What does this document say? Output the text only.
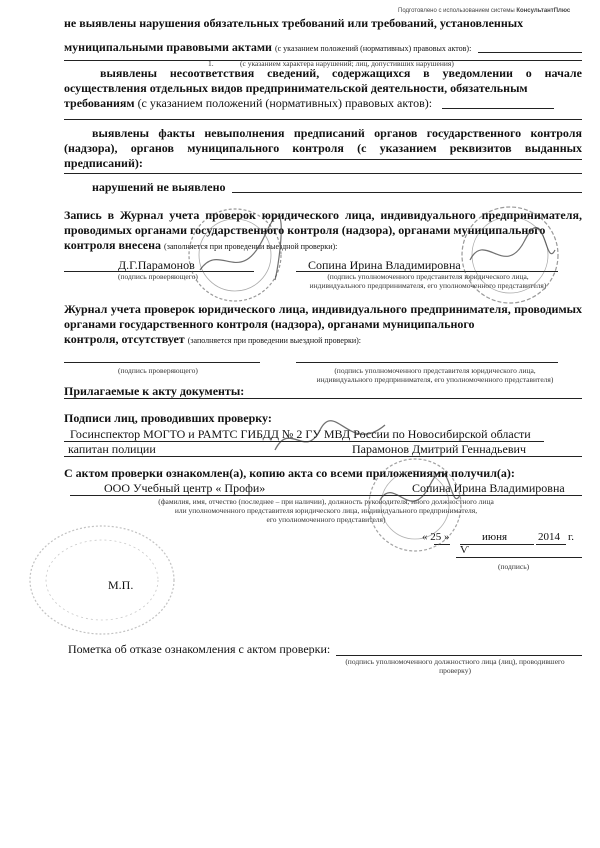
Подготовлено с использованием системы КонсультантПлюс
не выявлены нарушения обязательных требований или требований, установленных
муниципальными правовыми актами (с указанием положений (нормативных) правовых актов):
1.	(с указанием характера нарушений; лиц, допустивших нарушения)
выявлены несоответствия сведений, содержащихся в уведомлении о начале осуществления отдельных видов предпринимательской деятельности, обязательным
требованиям (с указанием положений (нормативных) правовых актов):
выявлены факты невыполнения предписаний органов государственного контроля (надзора), органов муниципального контроля (с указанием реквизитов выданных предписаний):
нарушений не выявлено
Запись в Журнал учета проверок юридического лица, индивидуального предпринимателя, проводимых органами государственного контроля (надзора), органами муниципального
контроля внесена (заполняется при проведении выездной проверки):
Д.Г.Парамонов	Сопина Ирина Владимировна
(подпись проверяющего)	(подпись уполномоченного представителя юридического лица,
индивидуального предпринимателя, его уполномоченного представителя)
Журнал учета проверок юридического лица, индивидуального предпринимателя, проводимых органами государственного контроля (надзора), органами муниципального
контроля, отсутствует (заполняется при проведении выездной проверки):
(подпись проверяющего)	(подпись уполномоченного представителя юридического лица,
индивидуального предпринимателя, его уполномоченного представителя)
Прилагаемые к акту документы:
Подписи лиц, проводивших проверку:
Госинспектор МОГТО и РАМТС ГИБДД № 2 ГУ МВД России по Новосибирской области
капитан полиции	Парамонов Дмитрий Геннадьевич
С актом проверки ознакомлен(а), копию акта со всеми приложениями получил(а):
ООО Учебный центр « Профи»	Сопина Ирина Владимировна
(фамилия, имя, отчество (последнее – при наличии), должность руководителя, иного должностного лица
или уполномоченного представителя юридического лица, индивидуального предпринимателя,
его уполномоченного представителя)
« 25 »	июня	2014 г.
Ѵ
(подпись)
М.П.
Пометка об отказе ознакомления с актом проверки:
(подпись уполномоченного должностного лица (лиц), проводившего
проверку)
